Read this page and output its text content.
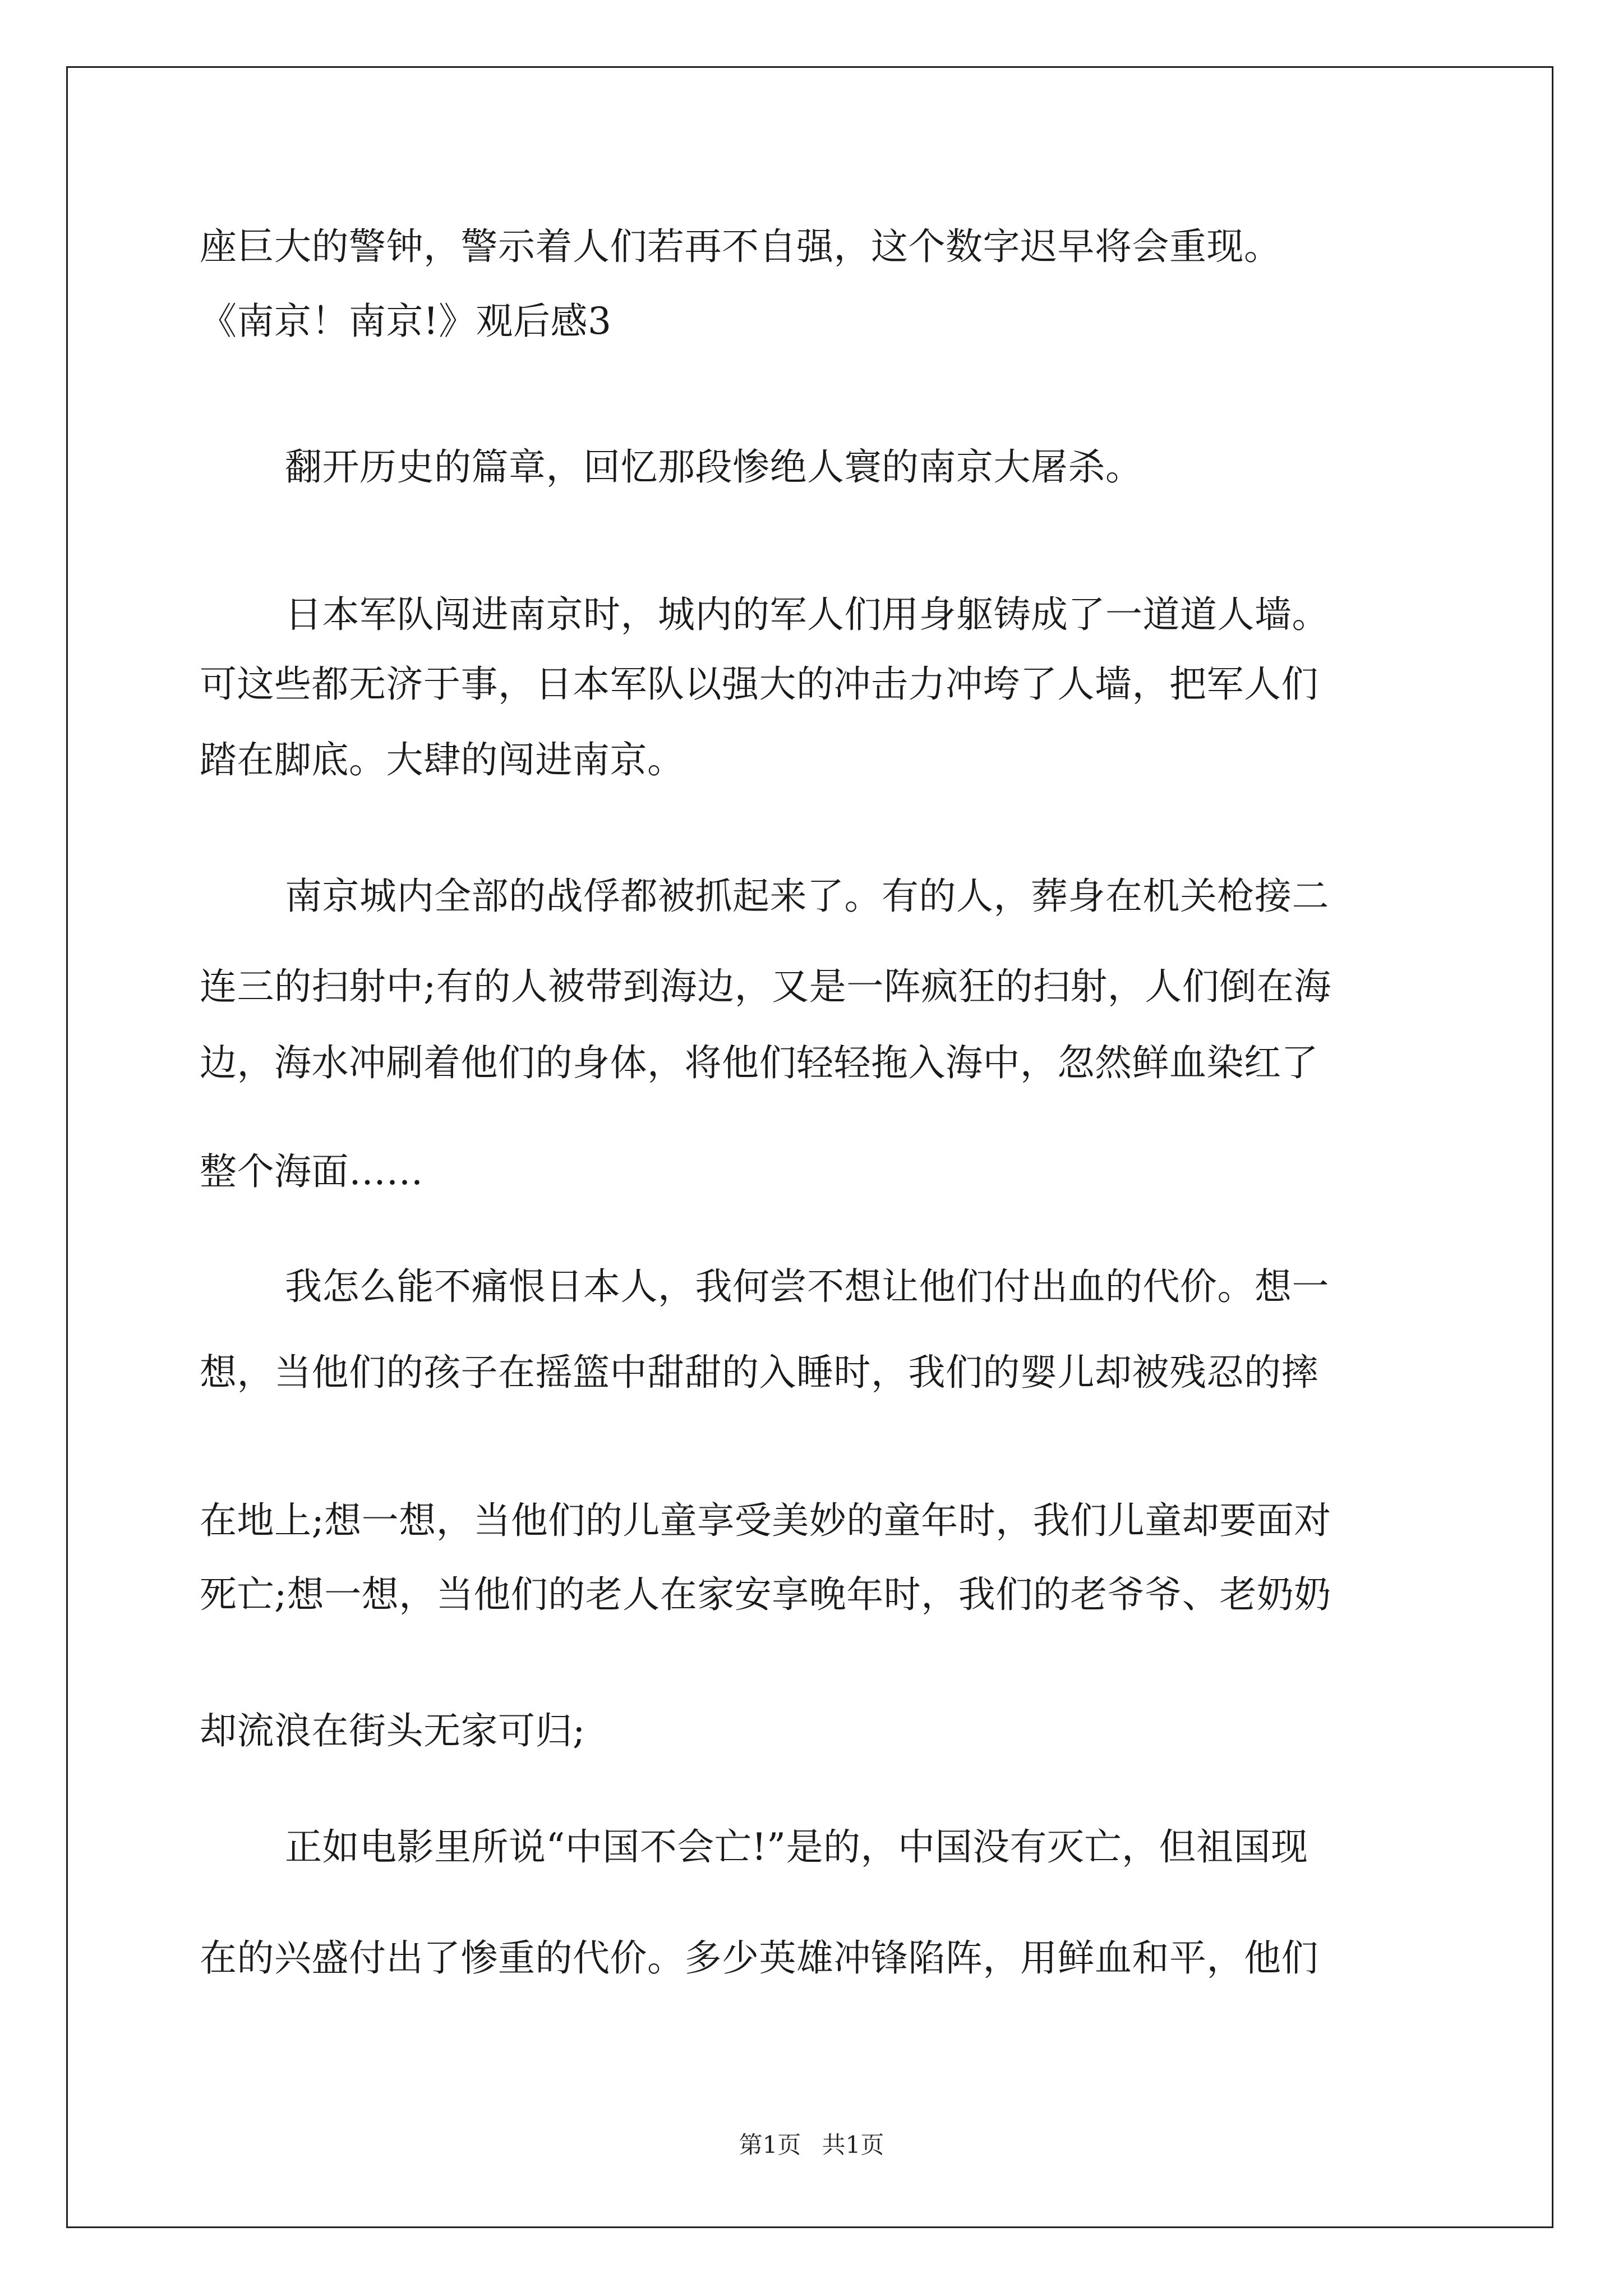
座巨大的警钟，警示着人们若再不自强，这个数字迟早将会重现。
《南京！南京!》观后感3
翻开历史的篇章，回忆那段惨绝人寰的南京大屠杀。
日本军队闯进南京时，城内的军人们用身躯铸成了一道道人墙。
可这些都无济于事，日本军队以强大的冲击力冲垮了人墙，把军人们
踏在脚底。大肆的闯进南京。
南京城内全部的战俘都被抓起来了。有的人，葬身在机关枪接二
连三的扫射中;有的人被带到海边，又是一阵疯狂的扫射，人们倒在海
边，海水冲刷着他们的身体，将他们轻轻拖入海中，忽然鲜血染红了
整个海面……
我怎么能不痛恨日本人，我何尝不想让他们付出血的代价。想一
想，当他们的孩子在摇篮中甜甜的入睡时，我们的婴儿却被残忍的摔
在地上;想一想，当他们的儿童享受美妙的童年时，我们儿童却要面对
死亡;想一想，当他们的老人在家安享晚年时，我们的老爷爷、老奶奶
却流浪在街头无家可归;
正如电影里所说“中国不会亡!”是的，中国没有灭亡，但祖国现
在的兴盛付出了惨重的代价。多少英雄冲锋陷阵，用鲜血和平，他们
第1页 共1页
